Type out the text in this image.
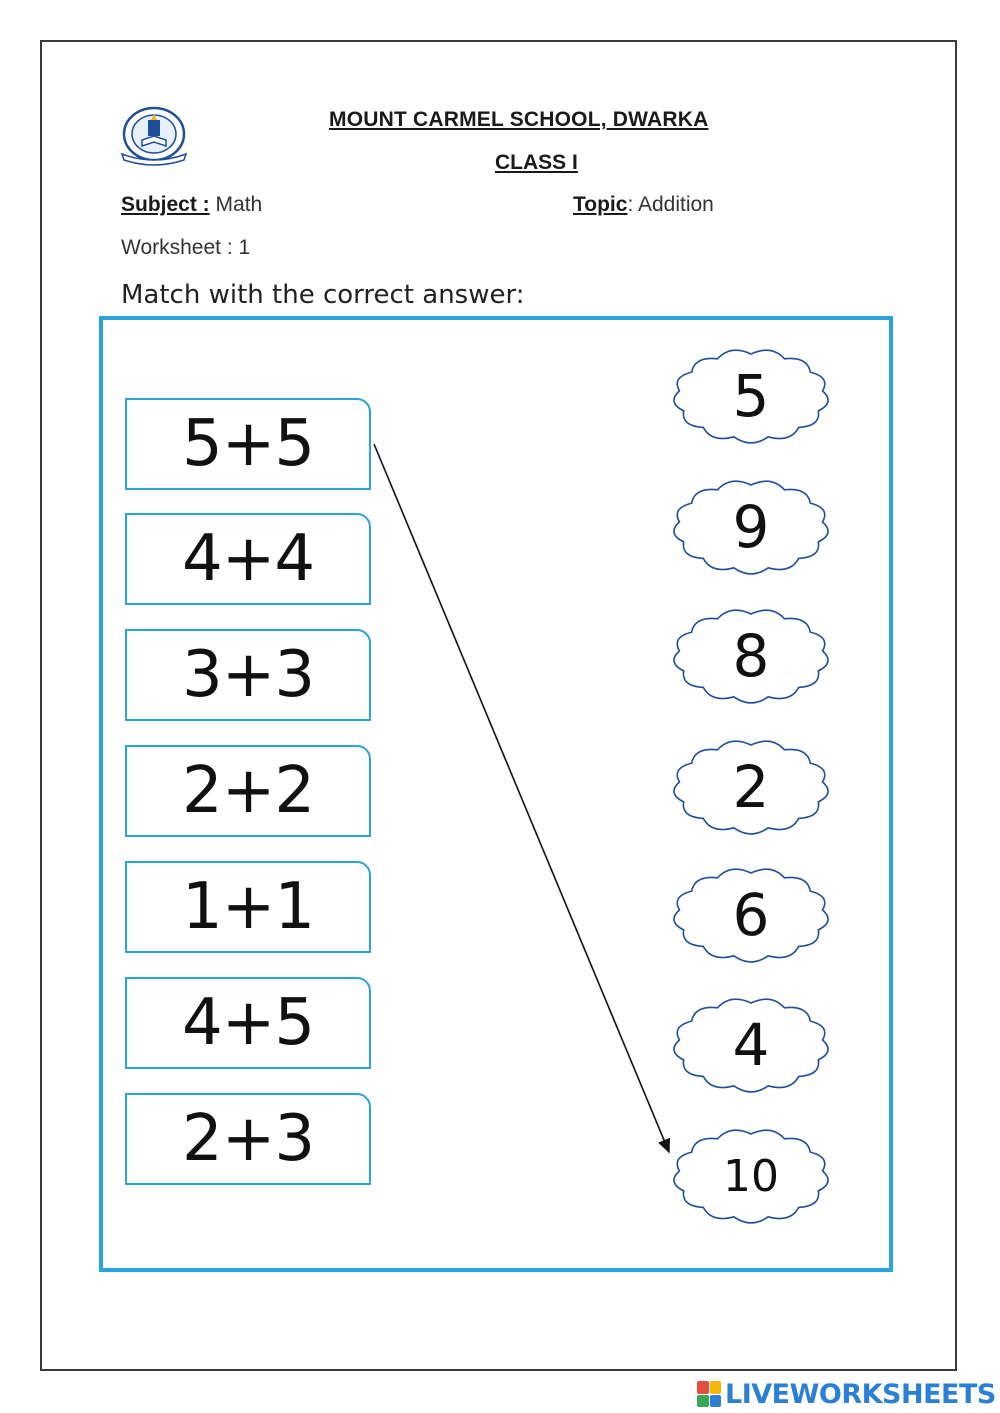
MOUNT CARMEL SCHOOL, DWARKA
CLASS I
Subject : Math	Topic: Addition
Worksheet : 1
Match with the correct answer:
5+5
4+4
3+3
2+2
1+1
4+5
2+3
5
9
8
2
6
4
10
LIVEWORKSHEETS
